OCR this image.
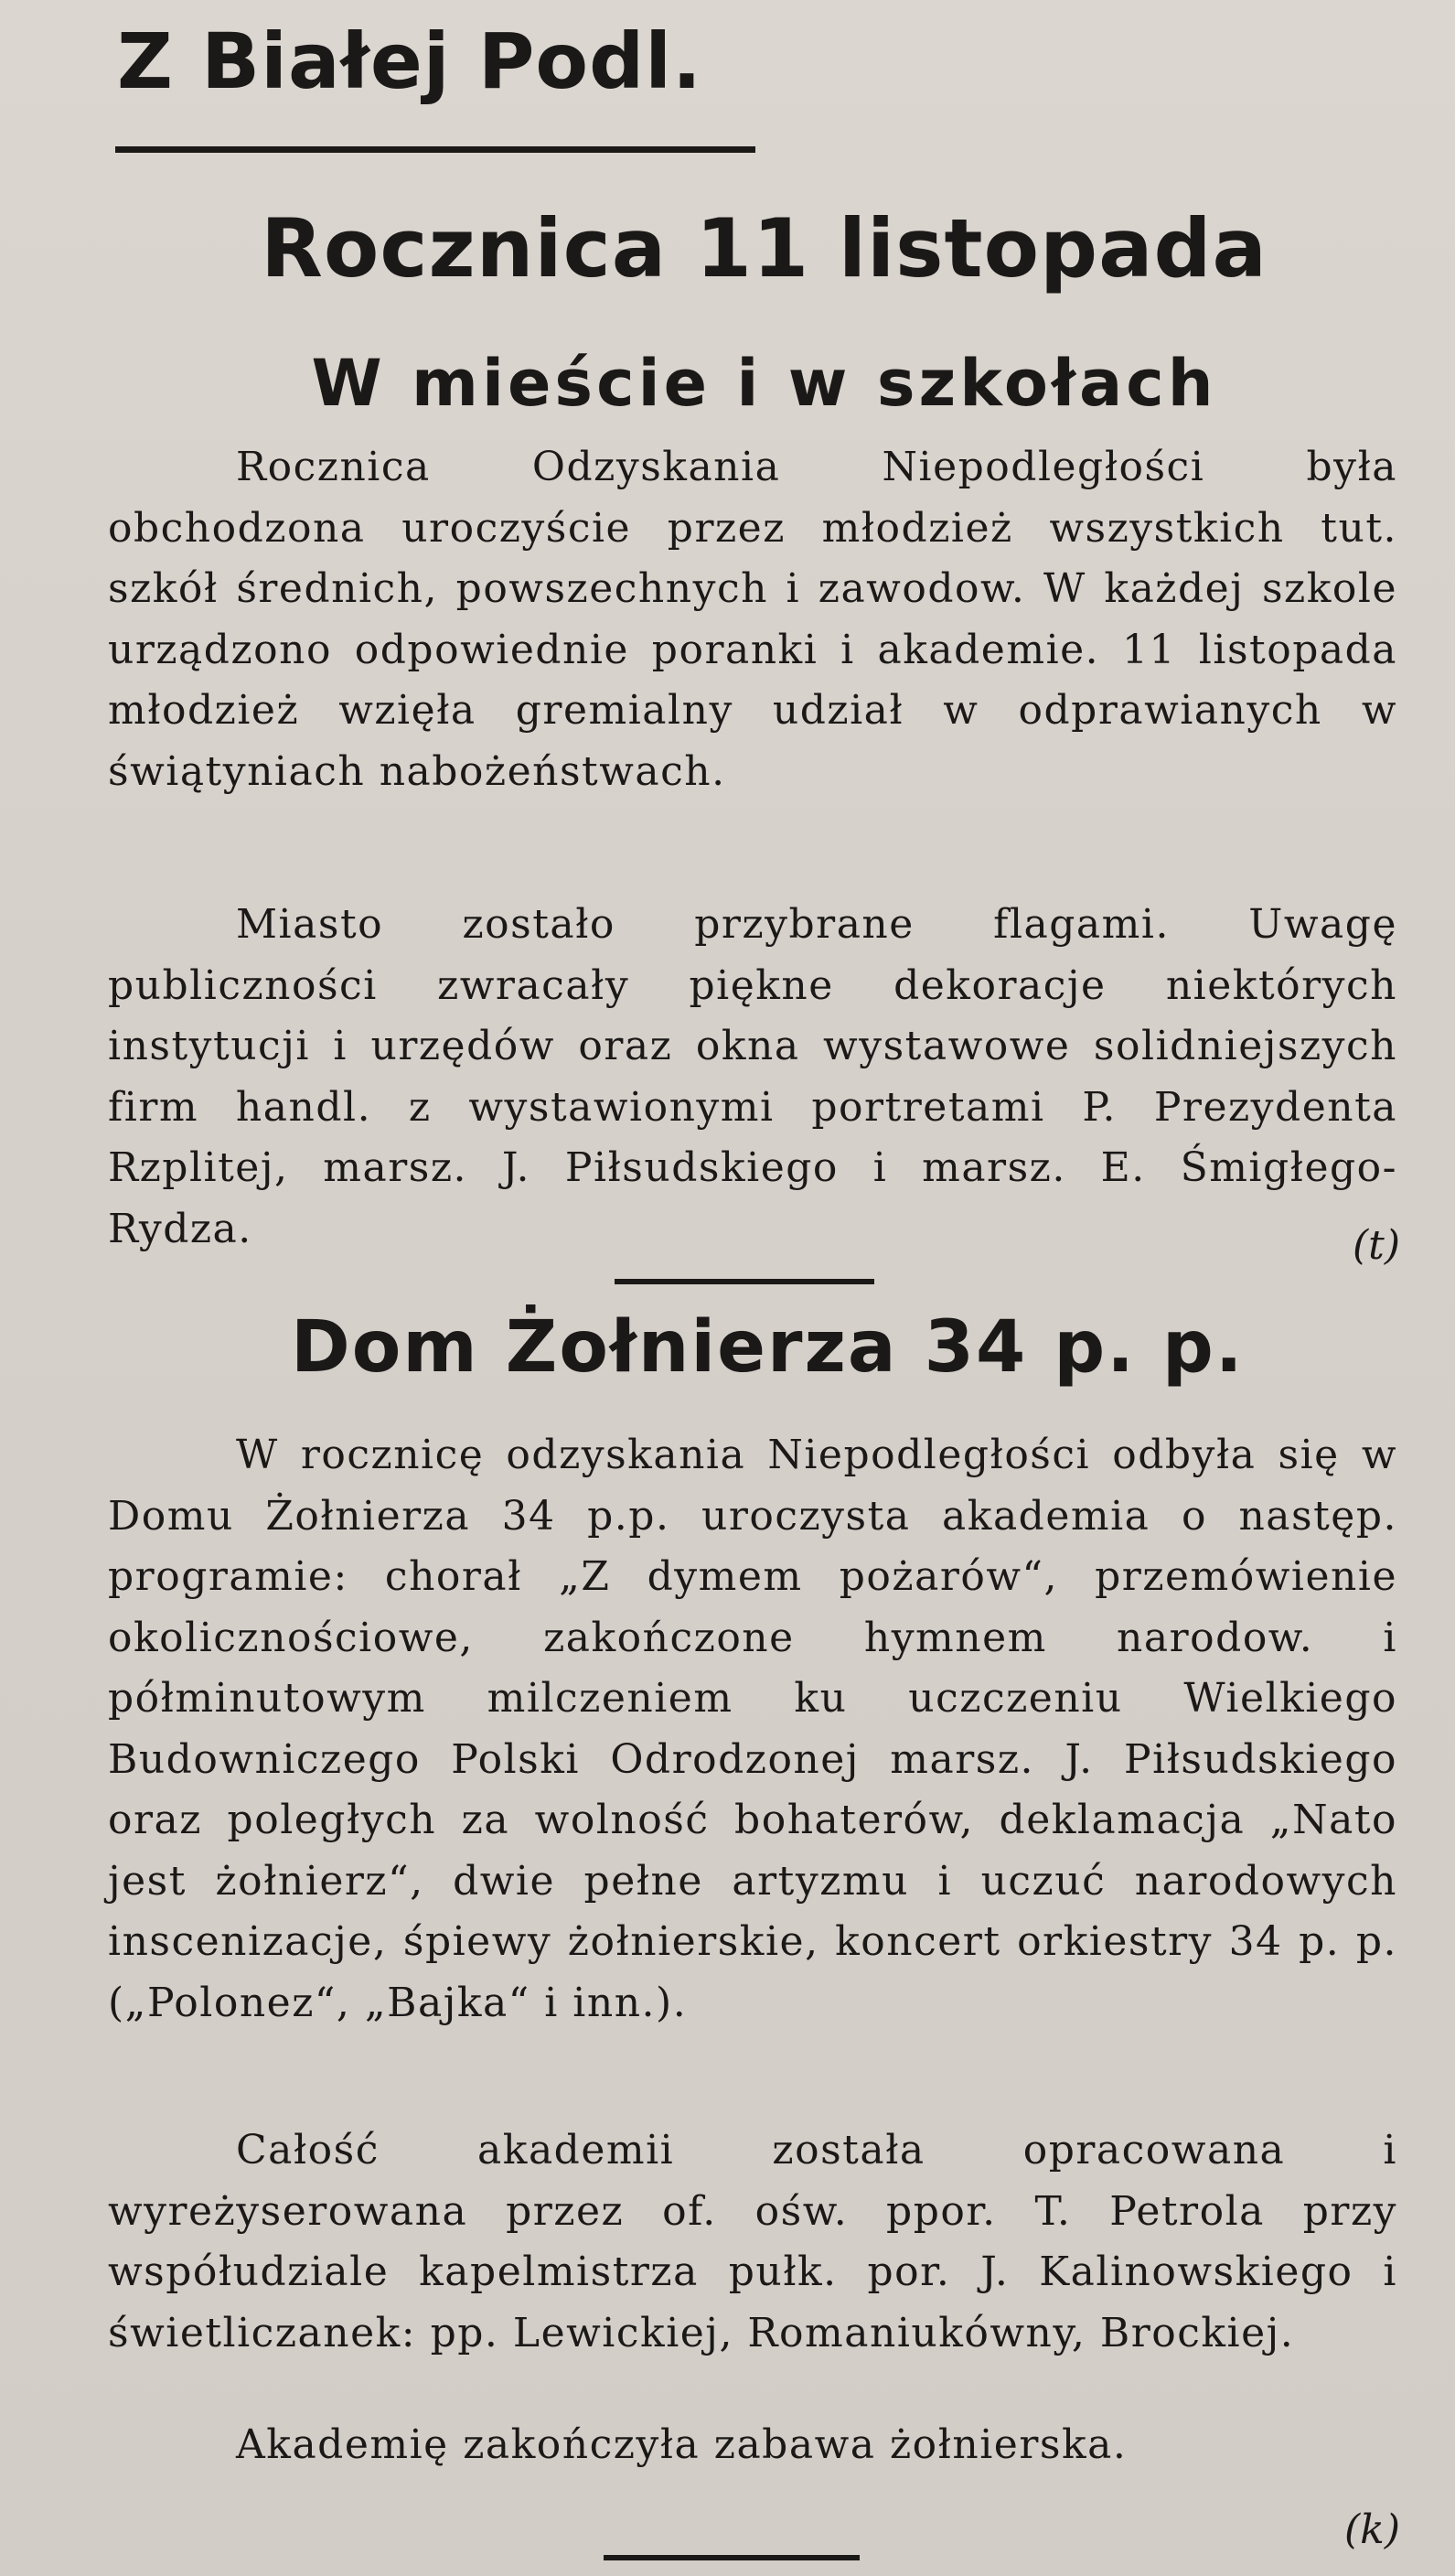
Z Białej Podl.
Rocznica 11 listopada
W mieście i w szkołach

Rocznica Odzyskania Niepodległości była obchodzona uroczyście przez młodzież wszystkich tut. szkół średnich, powszechnych i zawodow. W każdej szkole urządzono odpowiednie poranki i akademie. 11 listopada młodzież wzięła gremialny udział w odprawianych w świątyniach nabożeństwach.

Miasto zostało przybrane flagami. Uwagę publiczności zwracały piękne dekoracje niektórych instytucji i urzędów oraz okna wystawowe solidniejszych firm handl. z wystawionymi portretami P. Prezydenta Rzplitej, marsz. J. Piłsudskiego i marsz. E. Śmigłego-Rydza.	(t)

Dom Żołnierza 34 p. p.

W rocznicę odzyskania Niepodległości odbyła się w Domu Żołnierza 34 p.p. uroczysta akademia o następ. programie: chorał „Z dymem pożarów“, przemówienie okolicznościowe, zakończone hymnem narodow. i półminutowym milczeniem ku uczczeniu Wielkiego Budowniczego Polski Odrodzonej marsz. J. Piłsudskiego oraz poległych za wolność bohaterów, deklamacja „Nato jest żołnierz“, dwie pełne artyzmu i uczuć narodowych inscenizacje, śpiewy żołnierskie, koncert orkiestry 34 p. p. („Polonez“, „Bajka“ i inn.).

Całość akademii została opracowana i wyreżyserowana przez of. ośw. ppor. T. Petrola przy współudziale kapelmistrza pułk. por. J. Kalinowskiego i świetliczanek: pp. Lewickiej, Romaniukówny, Brockiej.

Akademię zakończyła zabawa żołnierska.

(k)
